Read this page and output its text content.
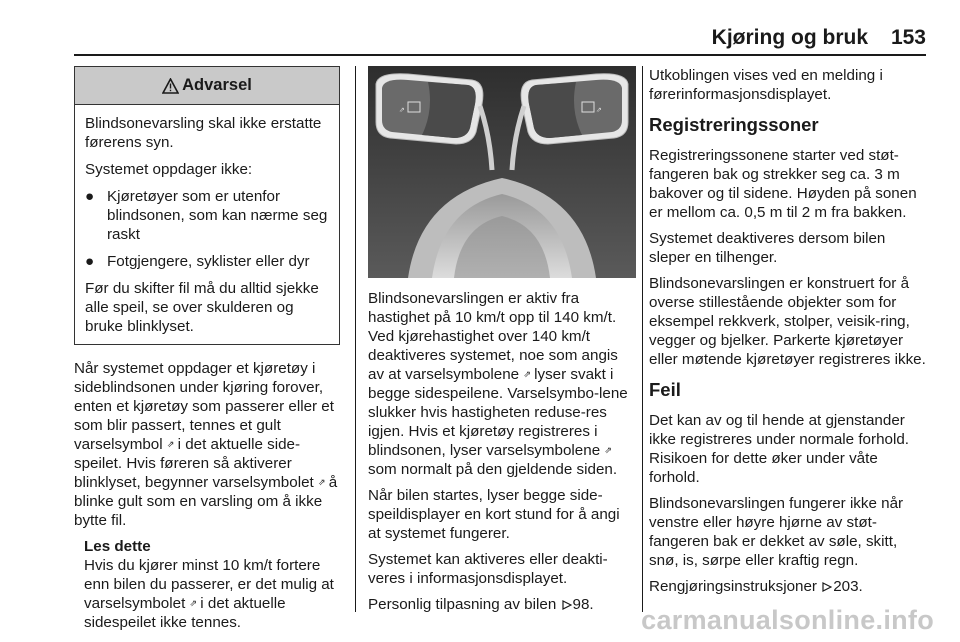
Kjøring og bruk 153
Advarsel

Blindsonevarsling skal ikke erstatte førerens syn.

Systemet oppdager ikke:

● Kjøretøyer som er utenfor blindsonen, som kan nærme seg raskt
● Fotgjengere, syklister eller dyr

Før du skifter fil må du alltid sjekke alle speil, se over skulderen og bruke blinklyset.

Når systemet oppdager et kjøretøy i sideblindsonen under kjøring forover, enten et kjøretøy som passerer eller et som blir passert, tennes et gult varselsymbol ⇗ i det aktuelle side-speilet. Hvis føreren så aktiverer blinklyset, begynner varselsymbolet ⇗ å blinke gult som en varsling om å ikke bytte fil.
Les dette
Hvis du kjører minst 10 km/t fortere enn bilen du passerer, er det mulig at varselsymbolet ⇗ i det aktuelle sidespeilet ikke tennes.
⇗	⇗
Blindsonevarslingen er aktiv fra hastighet på 10 km/t opp til 140 km/t. Ved kjørehastighet over 140 km/t deaktiveres systemet, noe som angis av at varselsymbolene ⇗ lyser svakt i begge sidespeilene. Varselsymbo-lene slukker hvis hastigheten reduse-res igjen. Hvis et kjøretøy registreres i blindsonen, lyser varselsymbolene ⇗ som normalt på den gjeldende siden.
Når bilen startes, lyser begge side-speildisplayer en kort stund for å angi at systemet fungerer.
Systemet kan aktiveres eller deakti-veres i informasjonsdisplayet.
Personlig tilpasning av bilen 98.
Utkoblingen vises ved en melding i førerinformasjonsdisplayet.
Registreringssoner
Registreringssonene starter ved støt-fangeren bak og strekker seg ca. 3 m bakover og til sidene. Høyden på sonen er mellom ca. 0,5 m til 2 m fra bakken.
Systemet deaktiveres dersom bilen sleper en tilhenger.
Blindsonevarslingen er konstruert for å overse stillestående objekter som for eksempel rekkverk, stolper, veisik-ring, vegger og bjelker. Parkerte kjøretøyer eller møtende kjøretøyer registreres ikke.
Feil
Det kan av og til hende at gjenstander ikke registreres under normale forhold. Risikoen for dette øker under våte forhold.
Blindsonevarslingen fungerer ikke når venstre eller høyre hjørne av støt-fangeren bak er dekket av søle, skitt, snø, is, sørpe eller kraftig regn.
Rengjøringsinstruksjoner 203.
carmanualsonline.info
